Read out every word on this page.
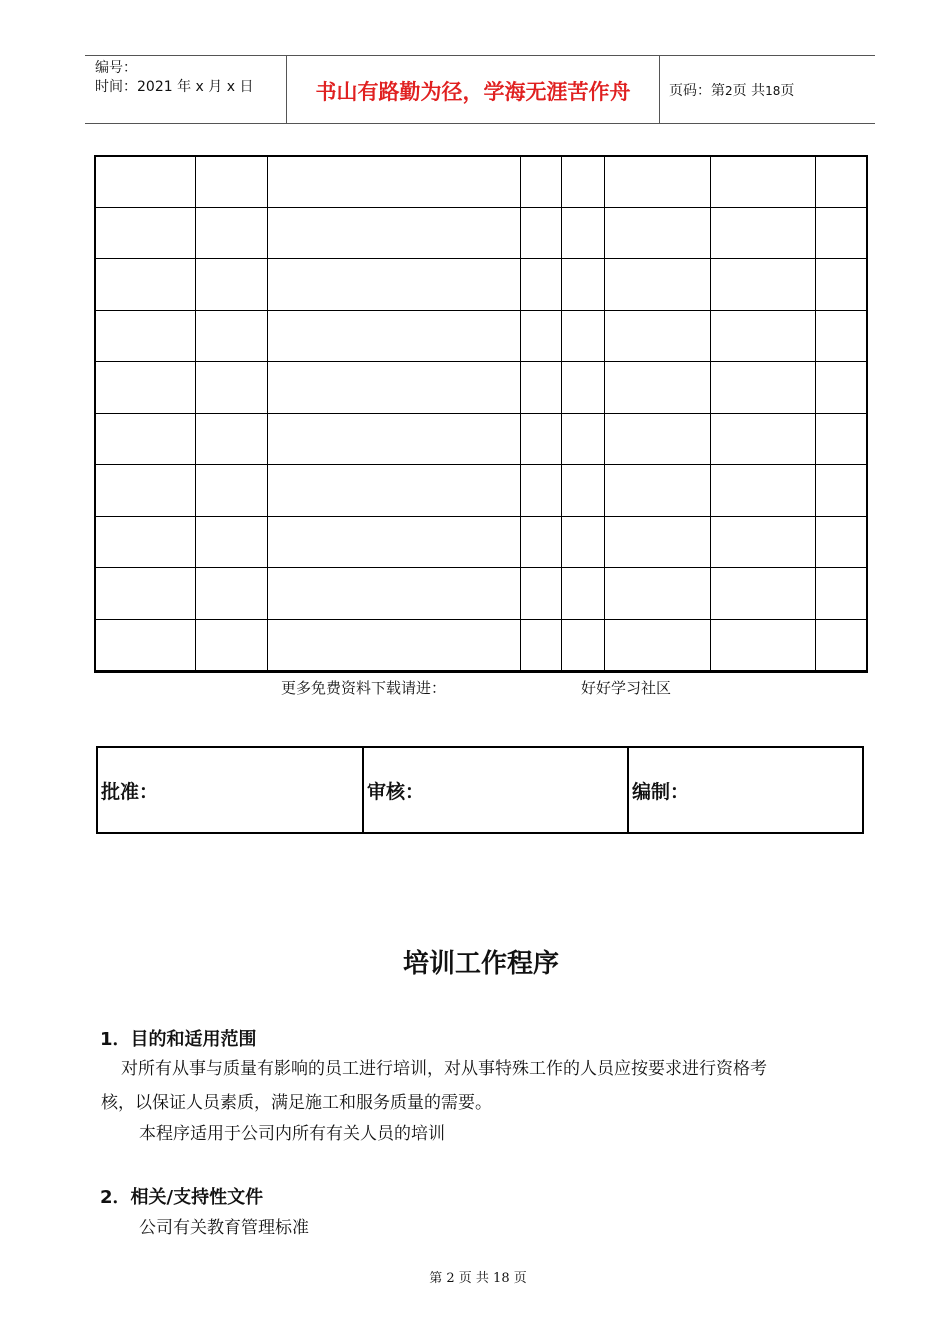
编号：
时间：2021 年 x 月 x 日	书山有路勤为径，学海无涯苦作舟	页码：第2页 共18页

更多免费资料下载请进：	好好学习社区
批准：	审核：	编制：
培训工作程序
1．目的和适用范围
对所有从事与质量有影响的员工进行培训，对从事特殊工作的人员应按要求进行资格考
核，以保证人员素质，满足施工和服务质量的需要。
本程序适用于公司内所有有关人员的培训
2．相关/支持性文件
公司有关教育管理标准
第 2 页 共 18 页
